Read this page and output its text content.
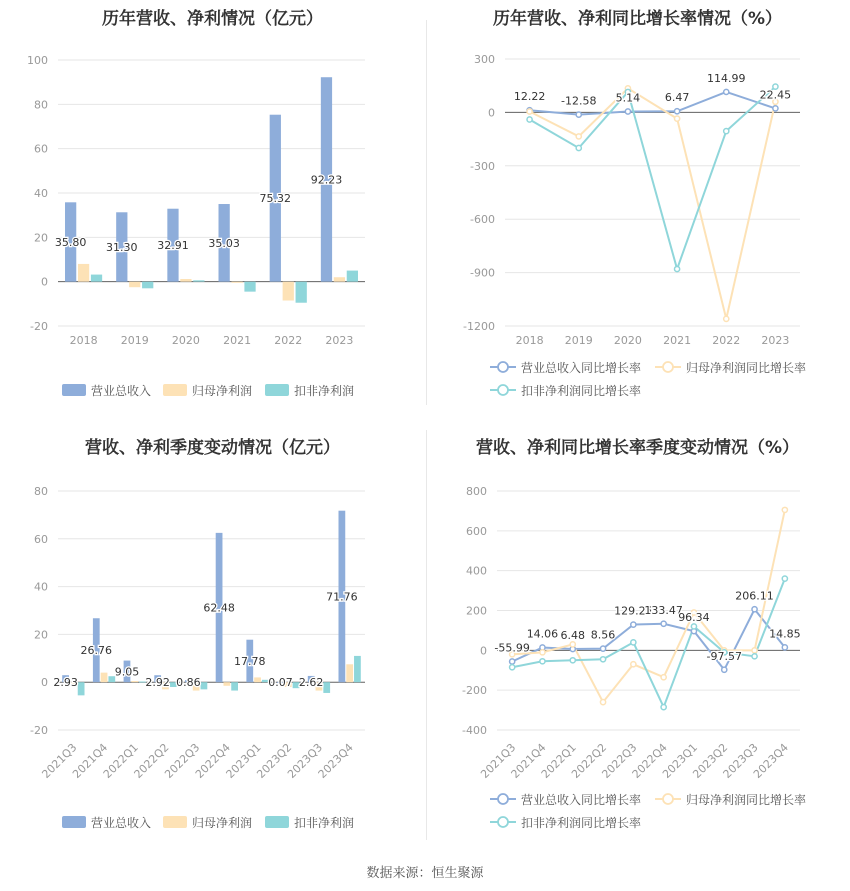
历年营收、净利情况（亿元）
-20
0
20
40
60
80
100
2018 2019 2020 2021 2022 2023
35.80 31.30 32.91 35.03
75.32
92.23
营业总收入	归母净利润	扣非净利润
历年营收、净利同比增长率情况（%）
-1200
-900
-600
-300
0
300
2018 2019 2020 2021 2022 2023
12.22 -12.58 5.14 6.47
114.99
22.45
营业总收入同比增长率	归母净利润同比增长率
扣非净利润同比增长率
营收、净利季度变动情况（亿元）
-20
0
20
40
60
80
2021Q3
2021Q4
2022Q1
2022Q2
2022Q3
2022Q4
2023Q1
2023Q2
2023Q3
2023Q4
2.93
26.76
9.05
2.92 0.86
62.48
17.78
0.07 2.62
71.76
营业总收入	归母净利润	扣非净利润
营收、净利同比增长率季度变动情况（%）
-400
-200
0
200
400
600
800
2021Q3
2021Q4
2022Q1
2022Q2
2022Q3
2022Q4
2023Q1
2023Q2
2023Q3
2023Q4
-55.99
14.06 6.48 8.56
129.25
133.47
96.34
-97.57
206.11
14.85
营业总收入同比增长率	归母净利润同比增长率
扣非净利润同比增长率
数据来源：恒生聚源
